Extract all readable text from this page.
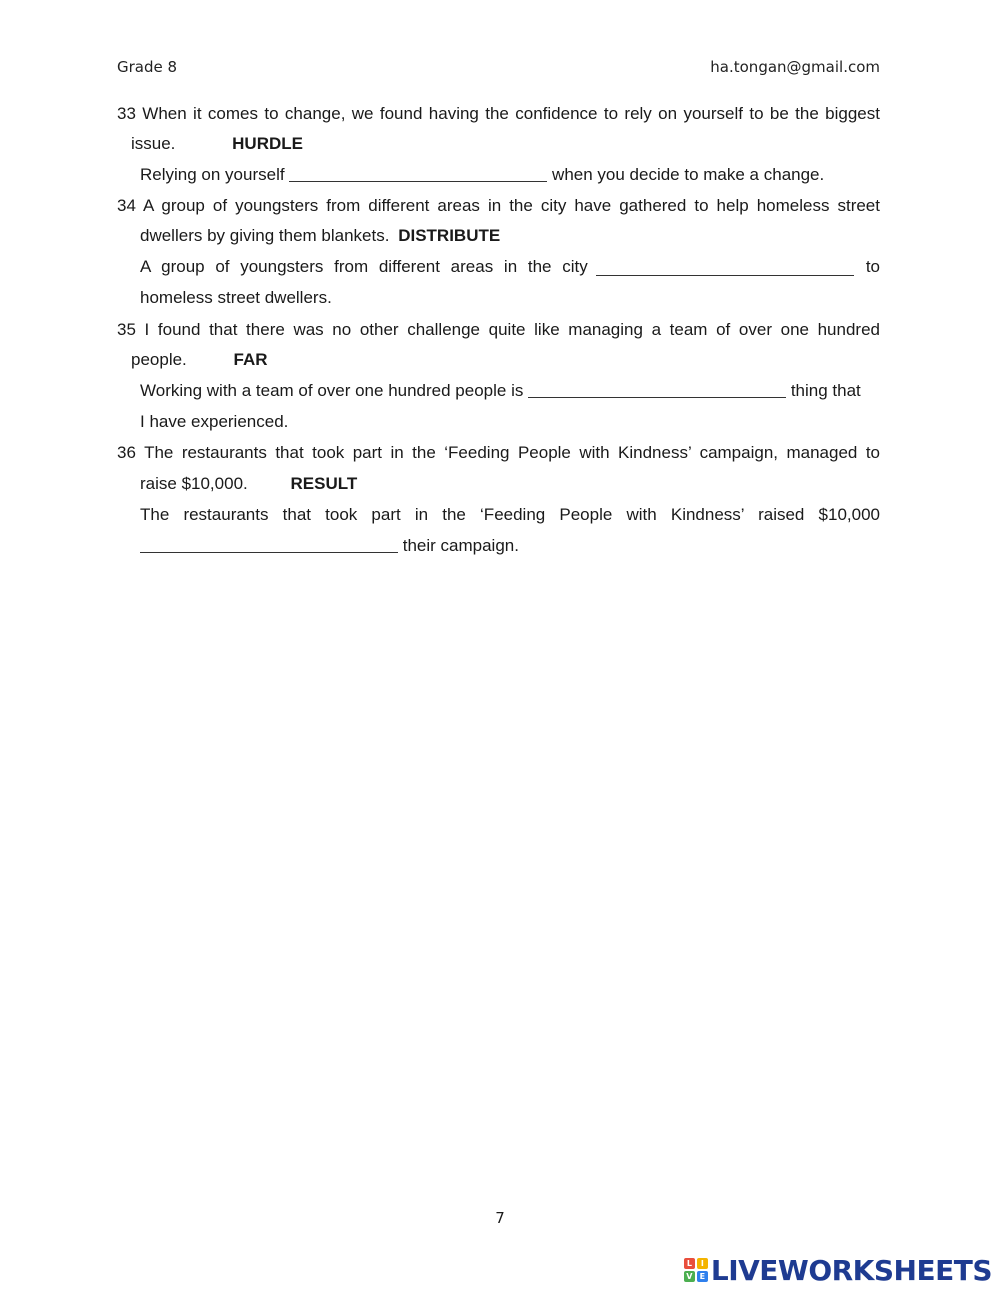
Grade 8	ha.tongan@gmail.com
33 When it comes to change, we found having the confidence to rely on yourself to be the biggest
issue.	HURDLE
Relying on yourself	when you decide to make a change.
34 A group of youngsters from different areas in the city have gathered to help homeless street
dwellers by giving them blankets. DISTRIBUTE
A group of youngsters from different areas in the city	to
homeless street dwellers.
35 I found that there was no other challenge quite like managing a team of over one hundred
people.	FAR
Working with a team of over one hundred people is	thing that
I have experienced.
36 The restaurants that took part in the ‘Feeding People with Kindness’ campaign, managed to
raise $10,000.	RESULT
The restaurants that took part in the ‘Feeding People with Kindness’ raised $10,000
their campaign.
7
L	I
V E LIVEWORKSHEETS
